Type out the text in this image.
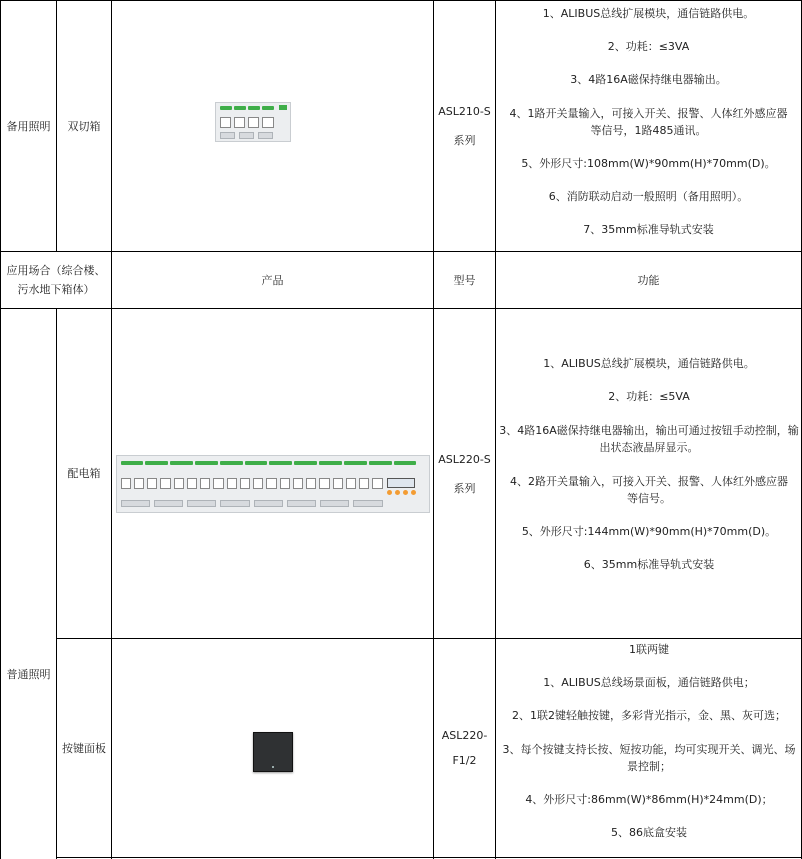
备用照明 双切箱
ASL210-S
系列

1、ALIBUS总线扩展模块，通信链路供电。

2、功耗：≤3VA

3、4路16A磁保持继电器输出。

4、1路开关量输入，可接入开关、报警、人体红外感应器等信号，1路485通讯。

5、外形尺寸:108mm(W)*90mm(H)*70mm(D)。

6、消防联动启动一般照明（备用照明）。

7、35mm标准导轨式安装

应用场合（综合楼、污水地下箱体）
产品	型号	功能
普通照明
配电箱
ASL220-S
系列

1、ALIBUS总线扩展模块，通信链路供电。

2、功耗：≤5VA

3、4路16A磁保持继电器输出，输出可通过按钮手动控制，输出状态液晶屏显示。

4、2路开关量输入，可接入开关、报警、人体红外感应器等信号。

5、外形尺寸:144mm(W)*90mm(H)*70mm(D)。

6、35mm标准导轨式安装

按键面板
ASL220-
F1/2

1联两键

1、ALIBUS总线场景面板，通信链路供电；

2、1联2键轻触按键，多彩背光指示，金、黑、灰可选；

3、每个按键支持长按、短按功能，均可实现开关、调光、场景控制；

4、外形尺寸:86mm(W)*86mm(H)*24mm(D)；

5、86底盒安装
